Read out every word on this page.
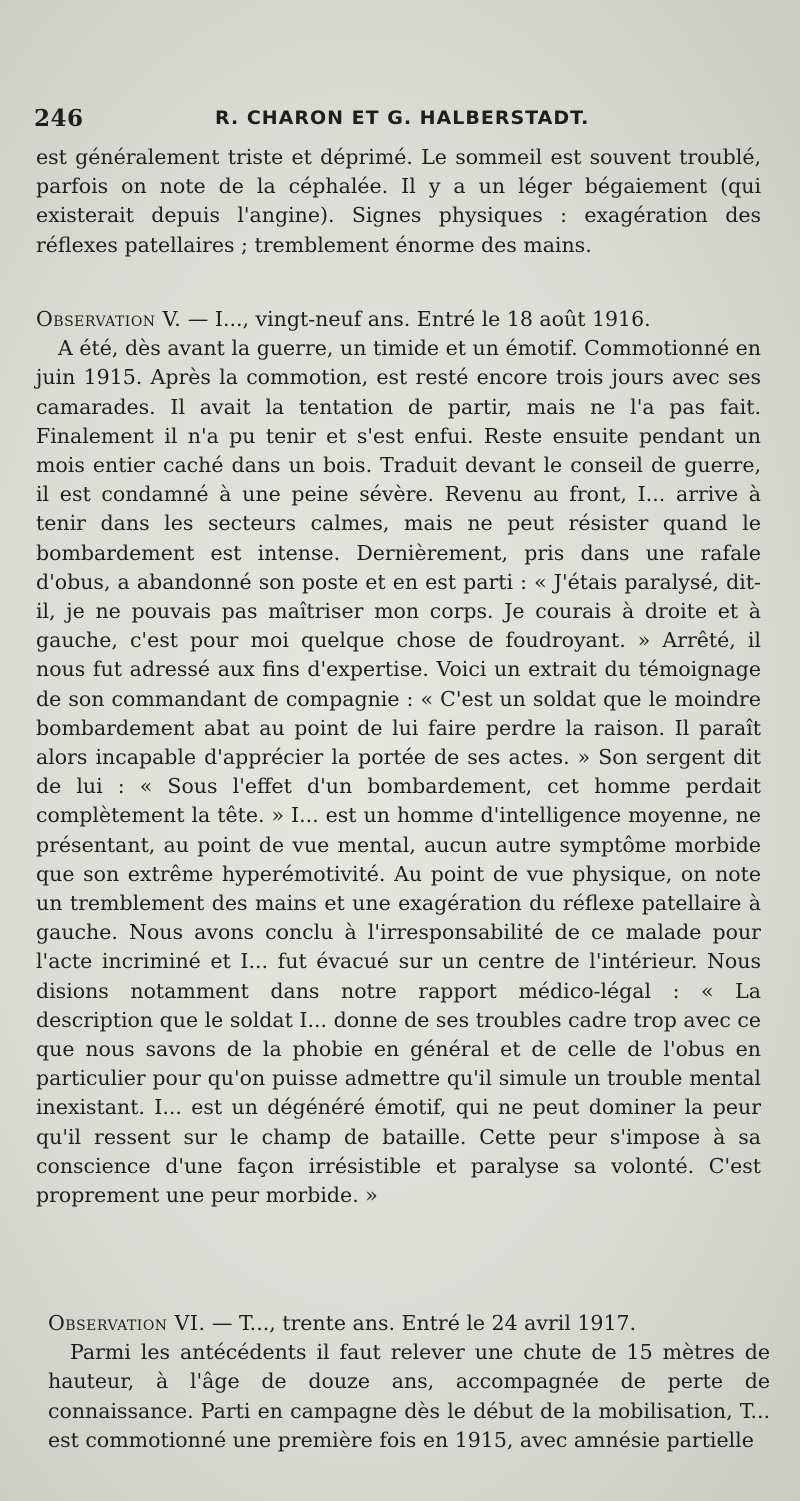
246	R. CHARON ET G. HALBERSTADT.

est généralement triste et déprimé. Le sommeil est souvent troublé, parfois on note de la céphalée. Il y a un léger bégaiement (qui existerait depuis l'angine). Signes physiques : exagération des réflexes patellaires ; tremblement énorme des mains.

Observation V. — I..., vingt-neuf ans. Entré le 18 août 1916.

A été, dès avant la guerre, un timide et un émotif. Commotionné en juin 1915. Après la commotion, est resté encore trois jours avec ses camarades. Il avait la tentation de partir, mais ne l'a pas fait. Finalement il n'a pu tenir et s'est enfui. Reste ensuite pendant un mois entier caché dans un bois. Traduit devant le conseil de guerre, il est condamné à une peine sévère. Revenu au front, I... arrive à tenir dans les secteurs calmes, mais ne peut résister quand le bombardement est intense. Dernièrement, pris dans une rafale d'obus, a abandonné son poste et en est parti : « J'étais paralysé, dit-il, je ne pouvais pas maîtriser mon corps. Je courais à droite et à gauche, c'est pour moi quelque chose de foudroyant. » Arrêté, il nous fut adressé aux fins d'expertise. Voici un extrait du témoignage de son commandant de compagnie : « C'est un soldat que le moindre bombardement abat au point de lui faire perdre la raison. Il paraît alors incapable d'apprécier la portée de ses actes. » Son sergent dit de lui : « Sous l'effet d'un bombardement, cet homme perdait complètement la tête. » I... est un homme d'intelligence moyenne, ne présentant, au point de vue mental, aucun autre symptôme morbide que son extrême hyperémotivité. Au point de vue physique, on note un tremblement des mains et une exagération du réflexe patellaire à gauche. Nous avons conclu à l'irresponsabilité de ce malade pour l'acte incriminé et I... fut évacué sur un centre de l'intérieur. Nous disions notamment dans notre rapport médico-légal : « La description que le soldat I... donne de ses troubles cadre trop avec ce que nous savons de la phobie en général et de celle de l'obus en particulier pour qu'on puisse admettre qu'il simule un trouble mental inexistant. I... est un dégénéré émotif, qui ne peut dominer la peur qu'il ressent sur le champ de bataille. Cette peur s'impose à sa conscience d'une façon irrésistible et paralyse sa volonté. C'est proprement une peur morbide. »

Observation VI. — T..., trente ans. Entré le 24 avril 1917.

Parmi les antécédents il faut relever une chute de 15 mètres de hauteur, à l'âge de douze ans, accompagnée de perte de connaissance. Parti en campagne dès le début de la mobilisation, T... est commotionné une première fois en 1915, avec amnésie partielle
